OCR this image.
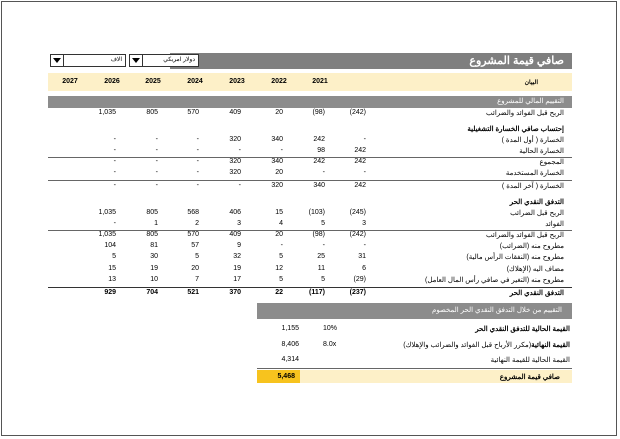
صافي قيمة المشروع
الاف	دولار امريكي
2027	2026	2025	2024	2023	2022	2021	البيان
التقييم المالي للمشروع
الربح قبل الفوائد والضرائب
1,035	805	570	409	20	(98)	(242)
إحتساب صافي الخسارة التشغيلية
الخسارة ( أول المدة )
-	-	-	320	340	242	-
الخسارة الحالية
-	-	-	-	-	98	242
المجموع
-	-	-	320	340	242	242
الخسارة المستخدمة
-	-	-	320	20	-	-
الخسارة ( آخر المدة )
-	-	-	-	320	340	242
التدفق النقدي الحر
الربح قبل الضرائب
1,035	805	568	406	15	(103)	(245)
الفوائد
-	1	2	3	4	5	3
الربح قبل الفوائد والضرائب
1,035	805	570	409	20	(98)	(242)
مطروح منه (الضرائب)
104	81	57	9	-	-	-
مطروح منه (النفقات الرأس مالية)
5	30	5	32	5	25	31
مضاف اليه (الإهلاك)
15	19	20	19	12	11	6
مطروح منه (التغير في صافي رأس المال العامل)
13	10	7	17	5	5	(29)
التدفق النقدي الحر
929	704	521	370	22	(117)	(237)
التقييم من خلال التدفق النقدي الحر المخصوم
1,155	10%	القيمة الحالية للتدفق النقدي الحر
8,406	8.0x	(مكرر الأرباح قبل الفوائد والضرائب والإهلاك)القيمة النهائية
4,314	القيمة الحالية للقيمة النهائية
5,468	صافي قيمة المشروع
